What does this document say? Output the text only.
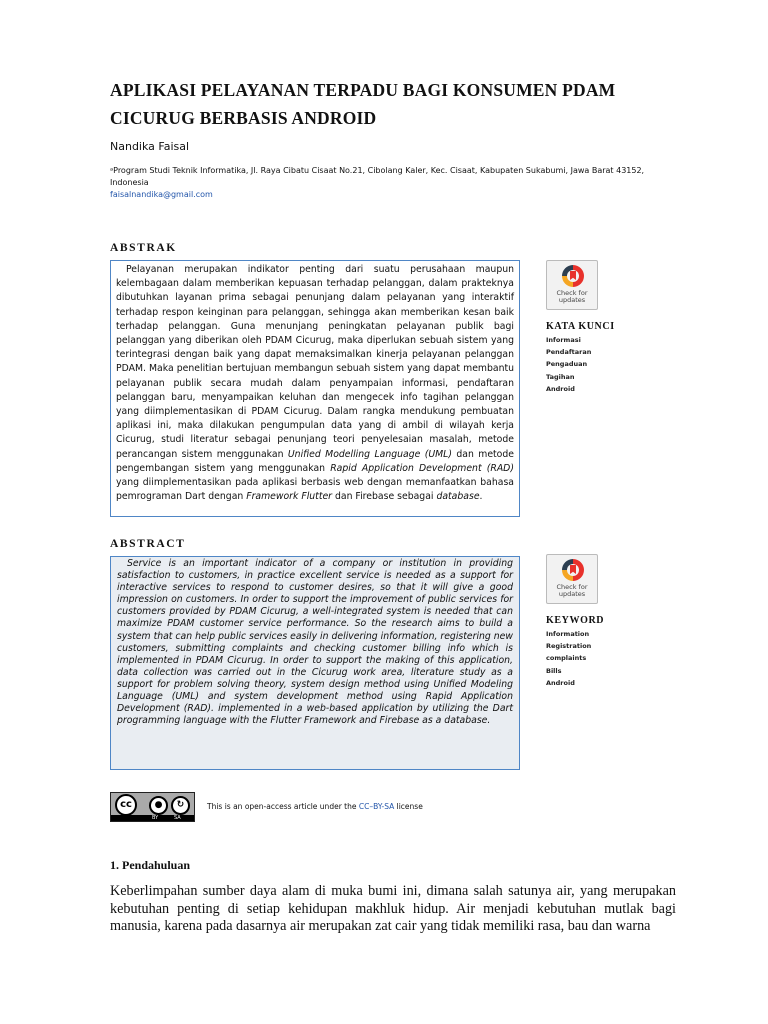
APLIKASI PELAYANAN TERPADU BAGI KONSUMEN PDAM CICURUG BERBASIS ANDROID
Nandika Faisal
ᵃProgram Studi Teknik Informatika, Jl. Raya Cibatu Cisaat No.21, Cibolang Kaler, Kec. Cisaat, Kabupaten Sukabumi, Jawa Barat 43152, Indonesia
faisalnandika@gmail.com
ABSTRAK

Pelayanan merupakan indikator penting dari suatu perusahaan maupun kelembagaan dalam memberikan kepuasan terhadap pelanggan, dalam prakteknya dibutuhkan layanan prima sebagai penunjang dalam pelayanan yang interaktif terhadap respon keinginan para pelanggan, sehingga akan memberikan kesan baik terhadap pelanggan. Guna menunjang peningkatan pelayanan publik bagi pelanggan yang diberikan oleh PDAM Cicurug, maka diperlukan sebuah sistem yang terintegrasi dengan baik yang dapat memaksimalkan kinerja pelayanan pelanggan PDAM. Maka penelitian bertujuan membangun sebuah sistem yang dapat membantu pelayanan publik secara mudah dalam penyampaian informasi, pendaftaran pelanggan baru, menyampaikan keluhan dan mengecek info tagihan pelanggan yang diimplementasikan di PDAM Cicurug. Dalam rangka mendukung pembuatan aplikasi ini, maka dilakukan pengumpulan data yang di ambil di wilayah kerja Cicurug, studi literatur sebagai penunjang teori penyelesaian masalah, metode perancangan sistem menggunakan Unified Modelling Language (UML) dan metode pengembangan sistem yang menggunakan Rapid Application Development (RAD) yang diimplementasikan pada aplikasi berbasis web dengan memanfaatkan bahasa pemrograman Dart dengan Framework Flutter dan Firebase sebagai database.

Check for
updates
KATA KUNCI
Informasi
Pendaftaran
Pengaduan
Tagihan
Android
ABSTRACT

Service is an important indicator of a company or institution in providing satisfaction to customers, in practice excellent service is needed as a support for interactive services to respond to customer desires, so that it will give a good impression on customers. In order to support the improvement of public services for customers provided by PDAM Cicurug, a well-integrated system is needed that can maximize PDAM customer service performance. So the research aims to build a system that can help public services easily in delivering information, registering new customers, submitting complaints and checking customer billing info which is implemented in PDAM Cicurug. In order to support the making of this application, data collection was carried out in the Cicurug work area, literature study as a support for problem solving theory, system design method using Unified Modeling Language (UML) and system development method using Rapid Application Development (RAD). implemented in a web-based application by utilizing the Dart programming language with the Flutter Framework and Firebase as a database.

Check for
updates
KEYWORD
Information
Registration
complaints
Bills
Android
cc	●	↻
BY	SA
This is an open-access article under the CC–BY-SA license
1. Pendahuluan
Keberlimpahan sumber daya alam di muka bumi ini, dimana salah satunya air, yang merupakan kebutuhan penting di setiap kehidupan makhluk hidup. Air menjadi kebutuhan mutlak bagi manusia, karena pada dasarnya air merupakan zat cair yang tidak memiliki rasa, bau dan warna
